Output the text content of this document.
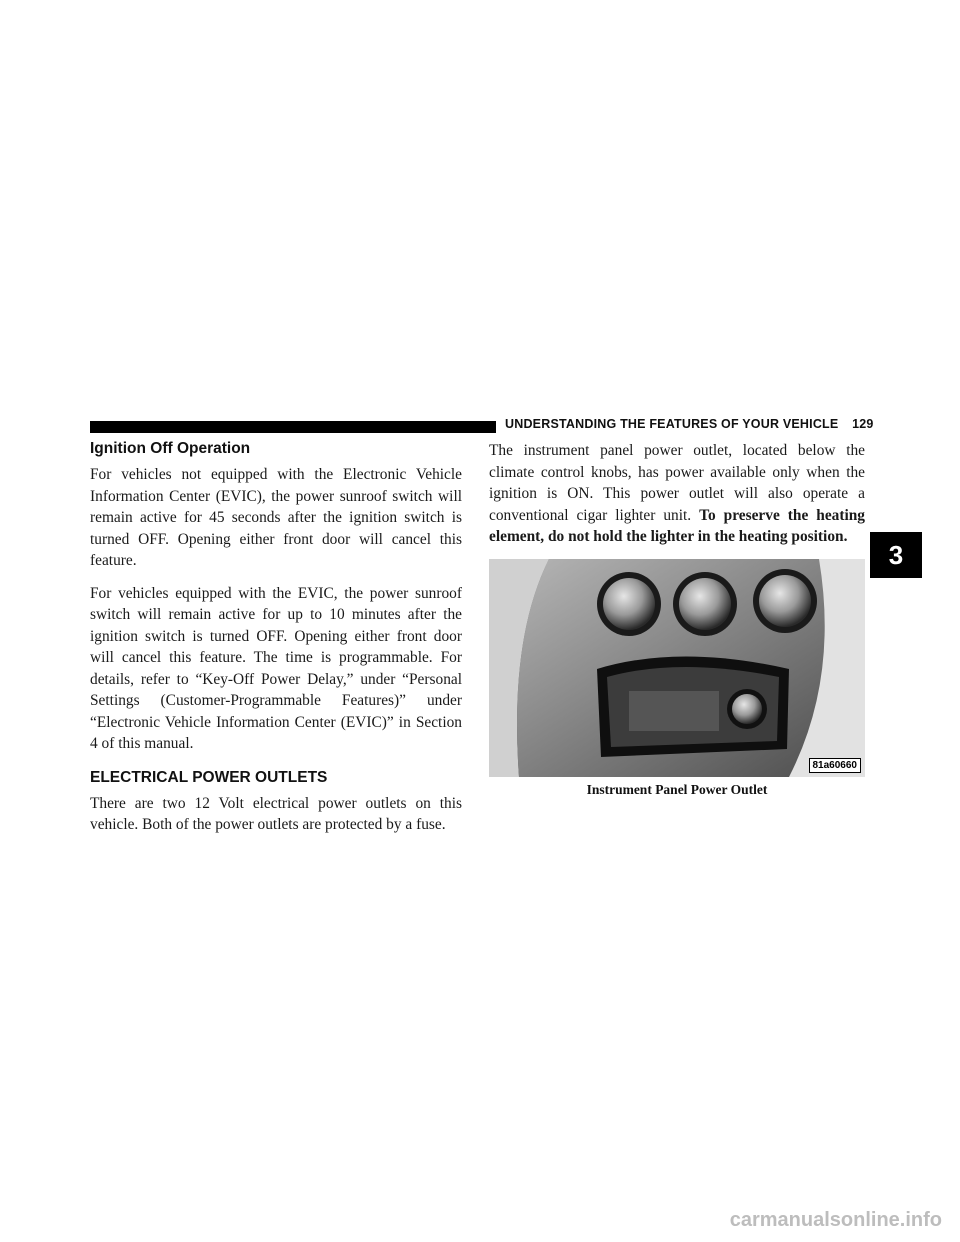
UNDERSTANDING THE FEATURES OF YOUR VEHICLE 129
Ignition Off Operation

For vehicles not equipped with the Electronic Vehicle Information Center (EVIC), the power sunroof switch will remain active for 45 seconds after the ignition switch is turned OFF. Opening either front door will cancel this feature.

For vehicles equipped with the EVIC, the power sunroof switch will remain active for up to 10 minutes after the ignition switch is turned OFF. Opening either front door will cancel this feature. The time is programmable. For details, refer to “Key-Off Power Delay,” under “Personal Settings (Customer-Programmable Features)” under “Electronic Vehicle Information Center (EVIC)” in Section 4 of this manual.

ELECTRICAL POWER OUTLETS

There are two 12 Volt electrical power outlets on this vehicle. Both of the power outlets are protected by a fuse.

The instrument panel power outlet, located below the climate control knobs, has power available only when the ignition is ON. This power outlet will also operate a conventional cigar lighter unit. To preserve the heating element, do not hold the lighter in the heating position.

81a60660
Instrument Panel Power Outlet
3
carmanualsonline.info
